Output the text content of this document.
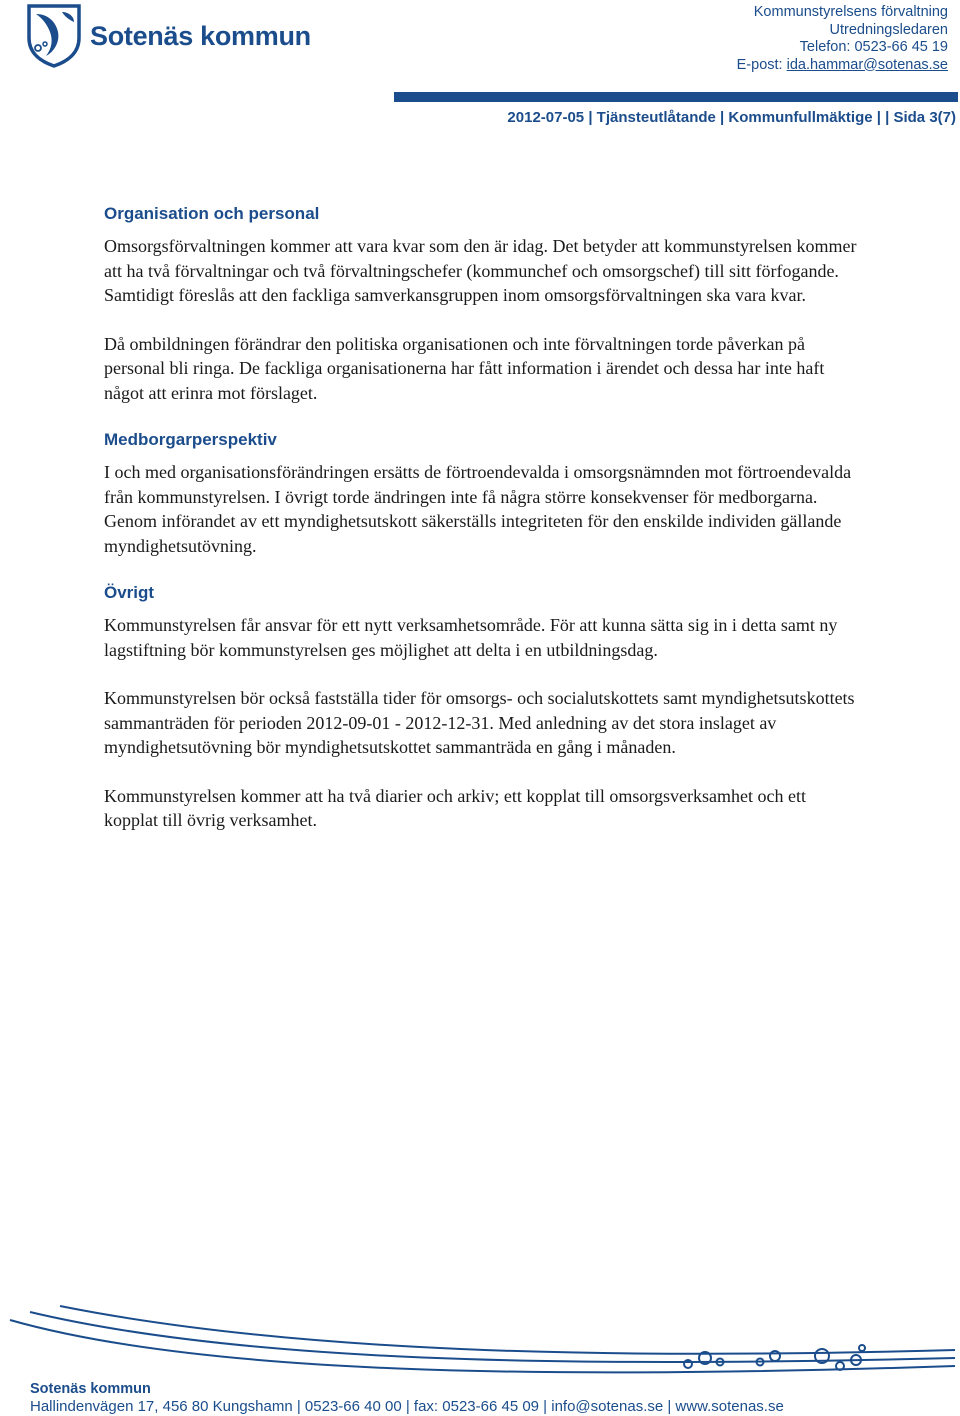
Sotenäs kommun
Kommunstyrelsens förvaltning
Utredningsledaren
Telefon: 0523-66 45 19
E-post: ida.hammar@sotenas.se
2012-07-05 | Tjänsteutlåtande | Kommunfullmäktige | | Sida 3(7)
Organisation och personal

Omsorgsförvaltningen kommer att vara kvar som den är idag. Det betyder att kommunstyrelsen kommer att ha två förvaltningar och två förvaltningschefer (kommunchef och omsorgschef) till sitt förfogande. Samtidigt föreslås att den fackliga samverkansgruppen inom omsorgsförvaltningen ska vara kvar.

Då ombildningen förändrar den politiska organisationen och inte förvaltningen torde påverkan på personal bli ringa. De fackliga organisationerna har fått information i ärendet och dessa har inte haft något att erinra mot förslaget.

Medborgarperspektiv

I och med organisationsförändringen ersätts de förtroendevalda i omsorgsnämnden mot förtroendevalda från kommunstyrelsen. I övrigt torde ändringen inte få några större konsekvenser för medborgarna. Genom införandet av ett myndighetsutskott säkerställs integriteten för den enskilde individen gällande myndighetsutövning.

Övrigt

Kommunstyrelsen får ansvar för ett nytt verksamhetsområde. För att kunna sätta sig in i detta samt ny lagstiftning bör kommunstyrelsen ges möjlighet att delta i en utbildningsdag.

Kommunstyrelsen bör också fastställa tider för omsorgs- och socialutskottets samt myndighetsutskottets sammanträden för perioden 2012-09-01 - 2012-12-31. Med anledning av det stora inslaget av myndighetsutövning bör myndighetsutskottet sammanträda en gång i månaden.

Kommunstyrelsen kommer att ha två diarier och arkiv; ett kopplat till omsorgsverksamhet och ett kopplat till övrig verksamhet.

Sotenäs kommun
Hallindenvägen 17, 456 80 Kungshamn | 0523-66 40 00 | fax: 0523-66 45 09 | info@sotenas.se | www.sotenas.se
